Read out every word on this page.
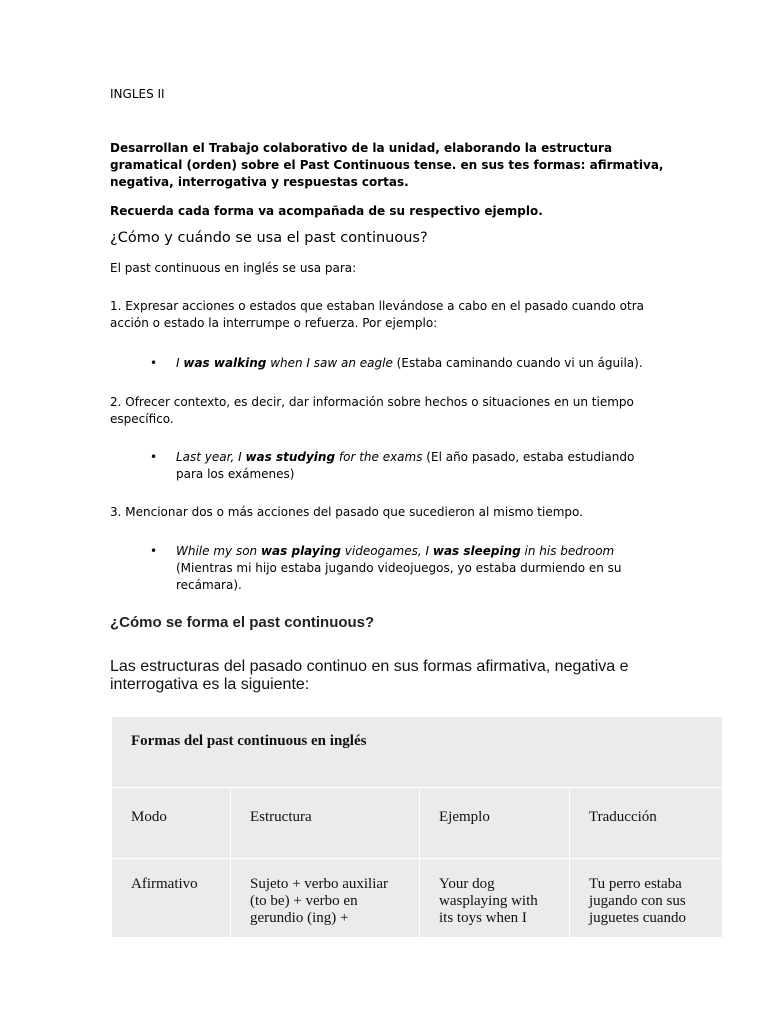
INGLES II

Desarrollan el Trabajo colaborativo de la unidad, elaborando la estructura gramatical (orden) sobre el Past Continuous tense. en sus tes formas: afirmativa, negativa, interrogativa y respuestas cortas.

Recuerda cada forma va acompañada de su respectivo ejemplo.

¿Cómo y cuándo se usa el past continuous?

El past continuous en inglés se usa para:

1. Expresar acciones o estados que estaban llevándose a cabo en el pasado cuando otra acción o estado la interrumpe o refuerza. Por ejemplo:

• I was walking when I saw an eagle (Estaba caminando cuando vi un águila).

2. Ofrecer contexto, es decir, dar información sobre hechos o situaciones en un tiempo específico.

• Last year, I was studying for the exams (El año pasado, estaba estudiando para los exámenes)

3. Mencionar dos o más acciones del pasado que sucedieron al mismo tiempo.

• While my son was playing videogames, I was sleeping in his bedroom (Mientras mi hijo estaba jugando videojuegos, yo estaba durmiendo en su recámara).

¿Cómo se forma el past continuous?

Las estructuras del pasado continuo en sus formas afirmativa, negativa e interrogativa es la siguiente:

Formas del past continuous en inglés			

Modo	Estructura	Ejemplo	Traducción

Afirmativo	Sujeto + verbo auxiliar (to be) + verbo en gerundio (ing) +	Your dog wasplaying with its toys when I	Tu perro estaba jugando con sus juguetes cuando
